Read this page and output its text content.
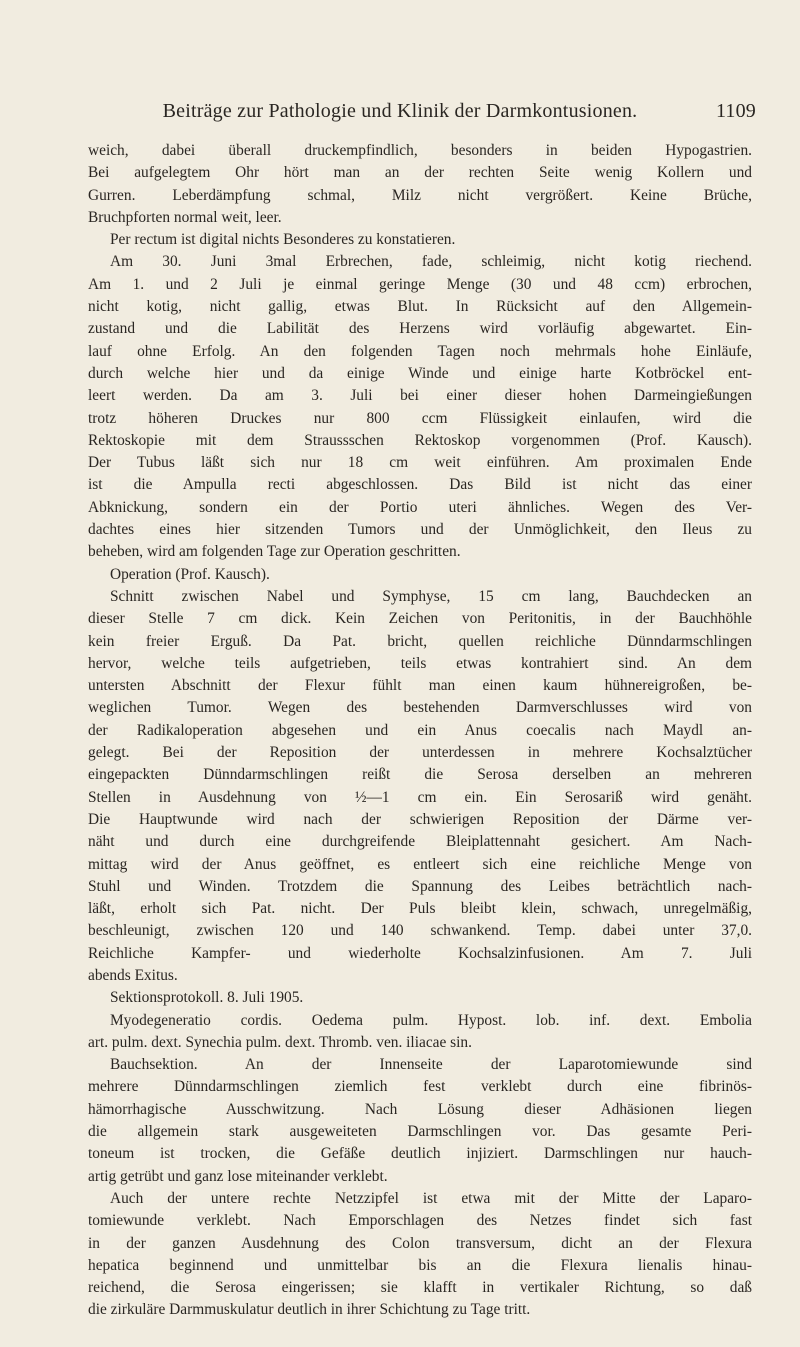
Beiträge zur Pathologie und Klinik der Darmkontusionen.	1109
weich, dabei überall druckempfindlich, besonders in beiden Hypogastrien.
Bei aufgelegtem Ohr hört man an der rechten Seite wenig Kollern und
Gurren. Leberdämpfung schmal, Milz nicht vergrößert. Keine Brüche,
Bruchpforten normal weit, leer.
Per rectum ist digital nichts Besonderes zu konstatieren.
Am 30. Juni 3mal Erbrechen, fade, schleimig, nicht kotig riechend.
Am 1. und 2 Juli je einmal geringe Menge (30 und 48 ccm) erbrochen,
nicht kotig, nicht gallig, etwas Blut. In Rücksicht auf den Allgemein-
zustand und die Labilität des Herzens wird vorläufig abgewartet. Ein-
lauf ohne Erfolg. An den folgenden Tagen noch mehrmals hohe Einläufe,
durch welche hier und da einige Winde und einige harte Kotbröckel ent-
leert werden. Da am 3. Juli bei einer dieser hohen Darmeingießungen
trotz höheren Druckes nur 800 ccm Flüssigkeit einlaufen, wird die
Rektoskopie mit dem Straussschen Rektoskop vorgenommen (Prof. Kausch).
Der Tubus läßt sich nur 18 cm weit einführen. Am proximalen Ende
ist die Ampulla recti abgeschlossen. Das Bild ist nicht das einer
Abknickung, sondern ein der Portio uteri ähnliches. Wegen des Ver-
dachtes eines hier sitzenden Tumors und der Unmöglichkeit, den Ileus zu
beheben, wird am folgenden Tage zur Operation geschritten.
Operation (Prof. Kausch).
Schnitt zwischen Nabel und Symphyse, 15 cm lang, Bauchdecken an
dieser Stelle 7 cm dick. Kein Zeichen von Peritonitis, in der Bauchhöhle
kein freier Erguß. Da Pat. bricht, quellen reichliche Dünndarmschlingen
hervor, welche teils aufgetrieben, teils etwas kontrahiert sind. An dem
untersten Abschnitt der Flexur fühlt man einen kaum hühnereigroßen, be-
weglichen Tumor. Wegen des bestehenden Darmverschlusses wird von
der Radikaloperation abgesehen und ein Anus coecalis nach Maydl an-
gelegt. Bei der Reposition der unterdessen in mehrere Kochsalztücher
eingepackten Dünndarmschlingen reißt die Serosa derselben an mehreren
Stellen in Ausdehnung von ½—1 cm ein. Ein Serosariß wird genäht.
Die Hauptwunde wird nach der schwierigen Reposition der Därme ver-
näht und durch eine durchgreifende Bleiplattennaht gesichert. Am Nach-
mittag wird der Anus geöffnet, es entleert sich eine reichliche Menge von
Stuhl und Winden. Trotzdem die Spannung des Leibes beträchtlich nach-
läßt, erholt sich Pat. nicht. Der Puls bleibt klein, schwach, unregelmäßig,
beschleunigt, zwischen 120 und 140 schwankend. Temp. dabei unter 37,0.
Reichliche Kampfer- und wiederholte Kochsalzinfusionen. Am 7. Juli
abends Exitus.
Sektionsprotokoll. 8. Juli 1905.
Myodegeneratio cordis. Oedema pulm. Hypost. lob. inf. dext. Embolia
art. pulm. dext. Synechia pulm. dext. Thromb. ven. iliacae sin.
Bauchsektion. An der Innenseite der Laparotomiewunde sind
mehrere Dünndarmschlingen ziemlich fest verklebt durch eine fibrinös-
hämorrhagische Ausschwitzung. Nach Lösung dieser Adhäsionen liegen
die allgemein stark ausgeweiteten Darmschlingen vor. Das gesamte Peri-
toneum ist trocken, die Gefäße deutlich injiziert. Darmschlingen nur hauch-
artig getrübt und ganz lose miteinander verklebt.
Auch der untere rechte Netzzipfel ist etwa mit der Mitte der Laparo-
tomiewunde verklebt. Nach Emporschlagen des Netzes findet sich fast
in der ganzen Ausdehnung des Colon transversum, dicht an der Flexura
hepatica beginnend und unmittelbar bis an die Flexura lienalis hinau-
reichend, die Serosa eingerissen; sie klafft in vertikaler Richtung, so daß
die zirkuläre Darmmuskulatur deutlich in ihrer Schichtung zu Tage tritt.
